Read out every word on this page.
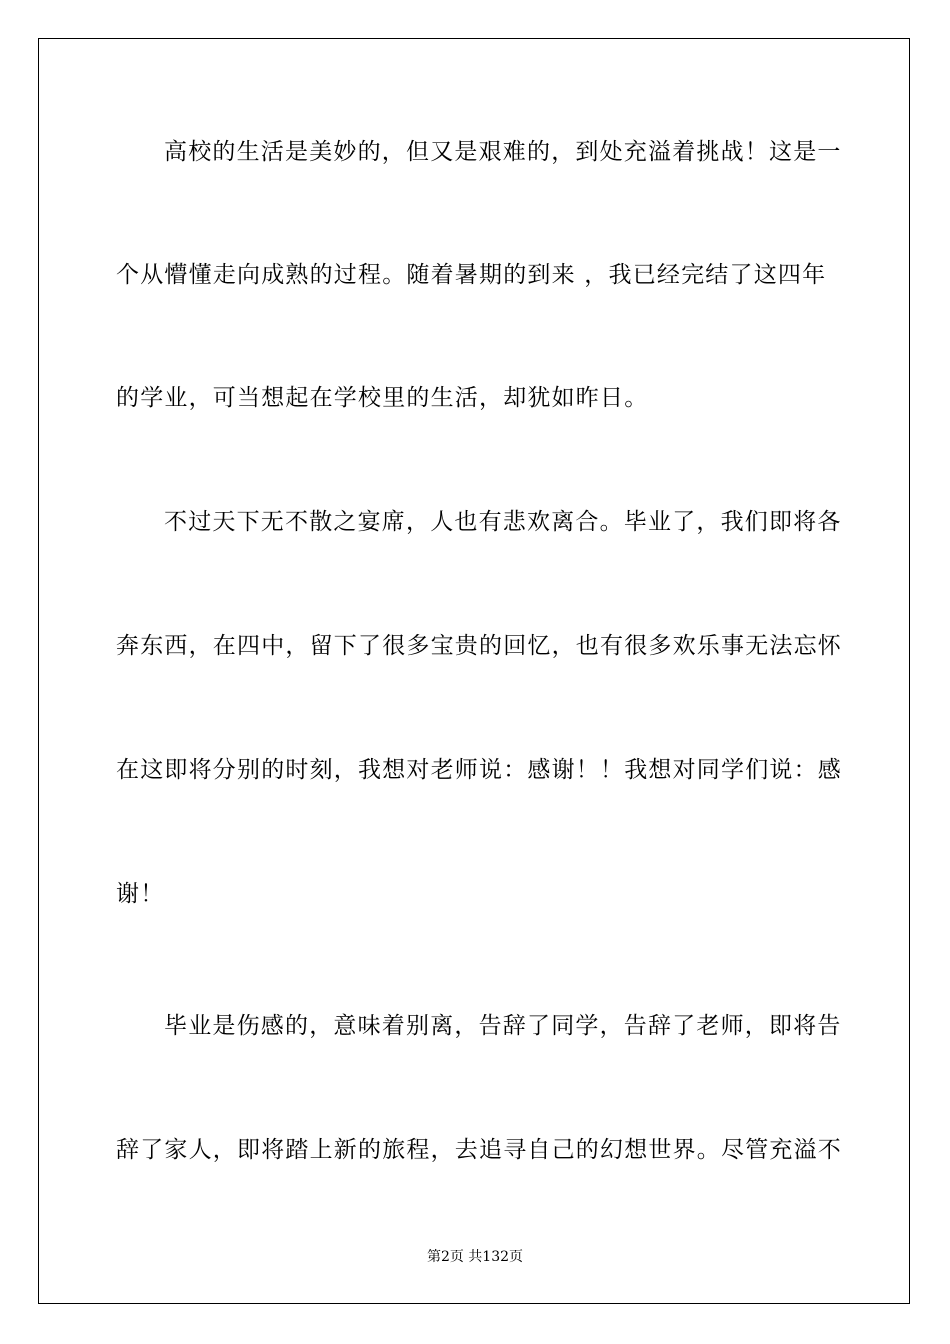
高校的生活是美妙的，但又是艰难的，到处充溢着挑战！这是一
个从懵懂走向成熟的过程。随着暑期的到来 ，我已经完结了这四年
的学业，可当想起在学校里的生活，却犹如昨日。
不过天下无不散之宴席，人也有悲欢离合。毕业了，我们即将各
奔东西，在四中，留下了很多宝贵的回忆，也有很多欢乐事无法忘怀
在这即将分别的时刻，我想对老师说：感谢！！我想对同学们说：感
谢！
毕业是伤感的，意味着别离，告辞了同学，告辞了老师，即将告
辞了家人，即将踏上新的旅程，去追寻自己的幻想世界。尽管充溢不
第2页 共132页
